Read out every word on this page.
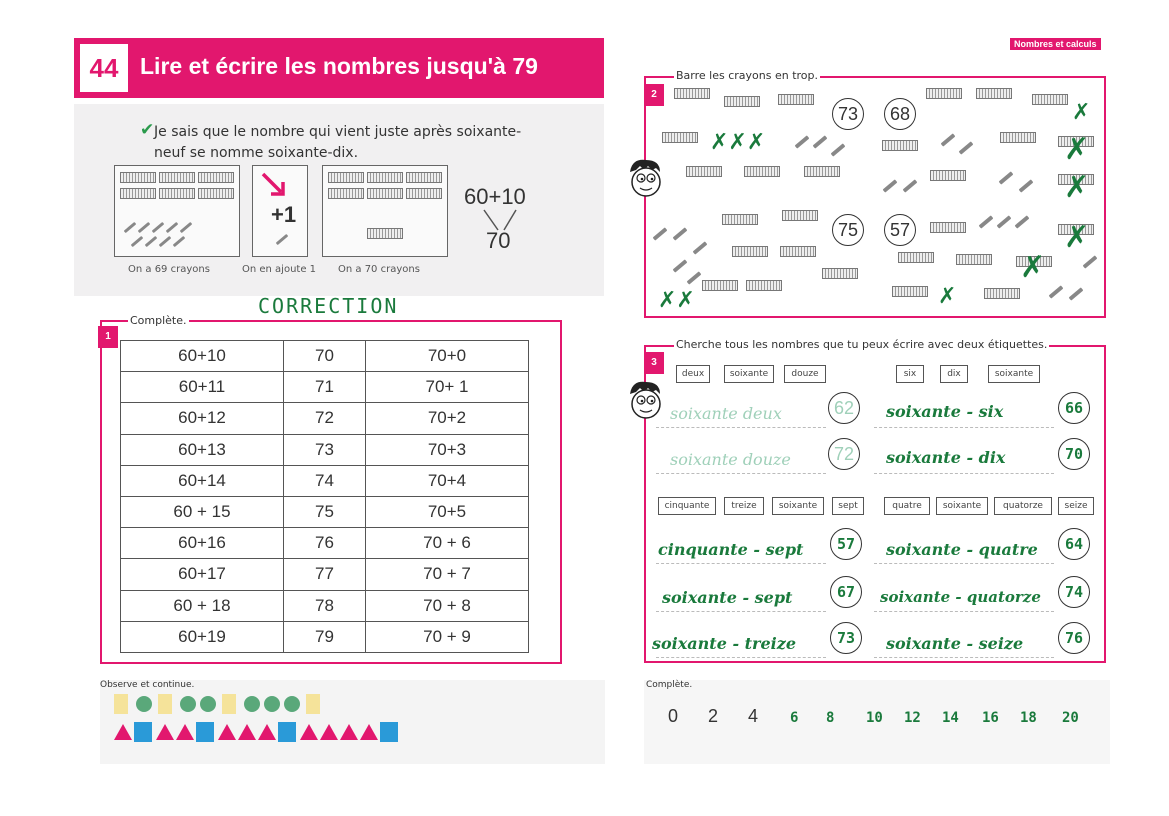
44 Lire et écrire les nombres jusqu'à 79
✔ Je sais que le nombre qui vient juste après soixante-neuf se nomme soixante-dix.
On a 69 crayons
+1
On en ajoute 1 On a 70 crayons
60+10
70
CORRECTION
1
Complète.
60+10	70	70+0
60+11	71	70+ 1
60+12	72	70+2
60+13	73	70+3
60+14	74	70+4
60 + 15	75	70+5
60+16	76	70 + 6
60+17	77	70 + 7
60 + 18	78	70 + 8
60+19	79	70 + 9
Observe et continue.
Nombres et calculs
2
Barre les crayons en trop.
73	68
75	57
✗✗✗
✗
✗
✗
✗
✗
✗
✗✗
3
Cherche tous les nombres que tu peux écrire avec deux étiquettes.
deux	soixante	douze	six	dix	soixante
soixante deux	62	soixante - six	66
soixante douze	72	soixante - dix	70
cinquante	treize	soixante	sept	quatre	soixante	quatorze	seize
cinquante - sept	57	soixante - quatre	64
soixante - sept	67	soixante - quatorze	74
soixante - treize	73	soixante - seize	76
Complète.
0 2 4 6 8 10 12 14 16 18 20
